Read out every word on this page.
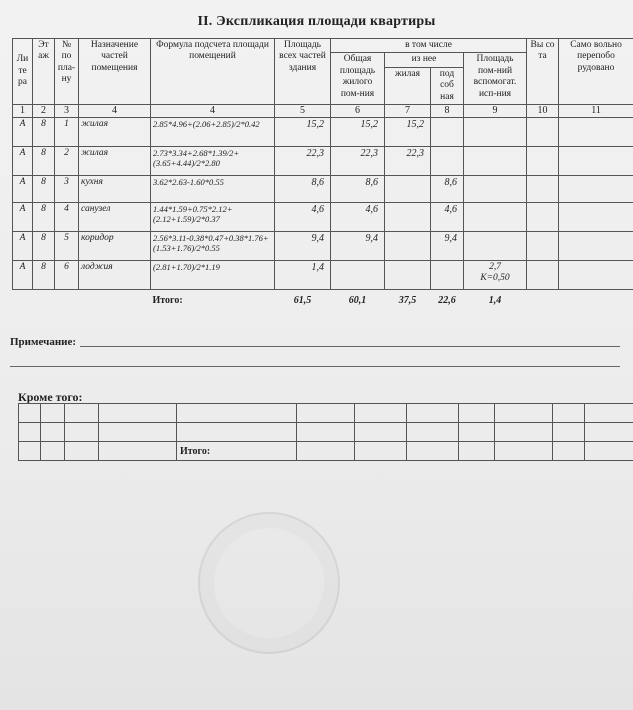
II. Экспликация площади квартиры
Ли те ра	Эт аж	№ по пла- ну	Назначение частей помещения	Формула подсчета площади помещений	Площадь всех частей здания	в том числе				Вы со та	Само вольно перепобо рудовано
						Общая площадь жилого пом-ния	из нее		Площадь пом-ний вспомогат. исп-ния		
							жилая	под соб ная			
1	2	3	4	4	5	6	7	8	9	10	11
А	8	1	жилая	2.85*4.96+(2.06+2.85)/2*0.42	15,2	15,2	15,2				
А	8	2	жилая	2.73*3.34+2.68*1.39/2+(3.65+4.44)/2*2.80	22,3	22,3	22,3				
А	8	3	кухня	3.62*2.63-1.60*0.55	8,6	8,6		8,6			
А	8	4	санузел	1.44*1.59+0.75*2.12+(2.12+1.59)/2*0.37	4,6	4,6		4,6			
А	8	5	коридор	2.56*3.11-0.38*0.47+0.38*1.76+(1.53+1.76)/2*0.55	9,4	9,4		9,4			
А	8	6	лоджия	(2.81+1.70)/2*1.19	1,4				2,7
К=0,50		

				Итого:	61,5	60,1	37,5	22,6	1,4		
Примечание:
Кроме того:

				Итого:							
